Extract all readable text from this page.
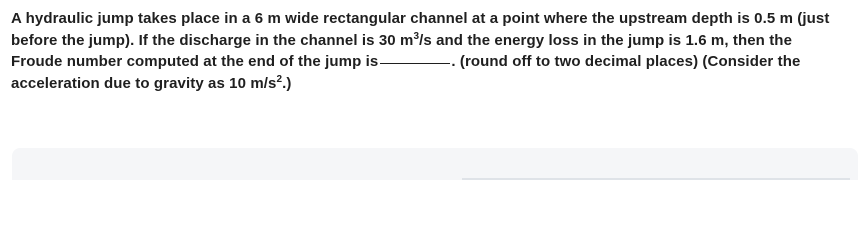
A hydraulic jump takes place in a 6 m wide rectangular channel at a point where the upstream depth is 0.5 m (just before the jump). If the discharge in the channel is 30 $m^3/s$ and the energy loss in the jump is 1.6 m, then the Froude number computed at the end of the jump is	. (round off to two decimal places) (Consider the acceleration due to gravity as 10 $m/s^2$.)
